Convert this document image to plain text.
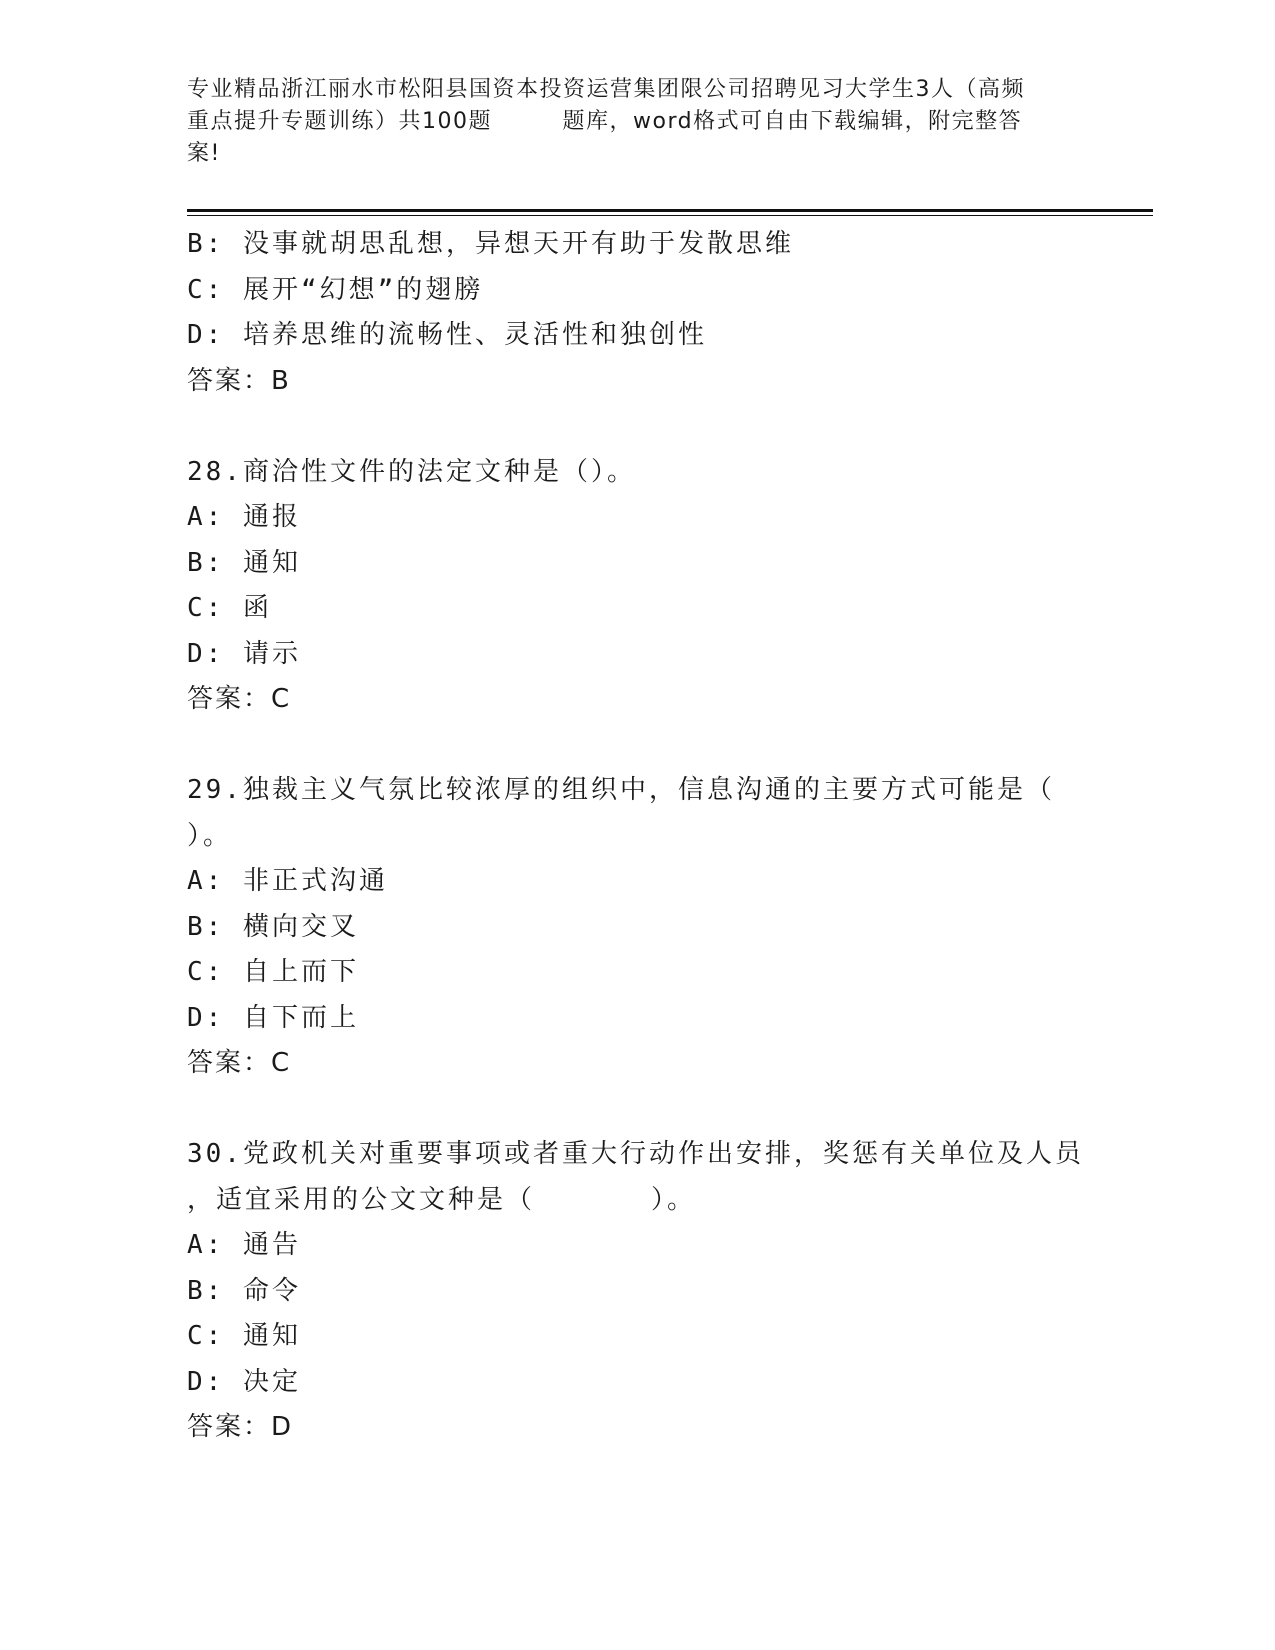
专业精品浙江丽水市松阳县国资本投资运营集团限公司招聘见习大学生3人（高频
重点提升专题训练）共100题　　　题库，word格式可自由下载编辑，附完整答
案!
B: 没事就胡思乱想，异想天开有助于发散思维
C: 展开“幻想”的翅膀
D: 培养思维的流畅性、灵活性和独创性
答案：B
28.商洽性文件的法定文种是（）。
A: 通报
B: 通知
C: 函
D: 请示
答案：C
29.独裁主义气氛比较浓厚的组织中，信息沟通的主要方式可能是（
）。
A: 非正式沟通
B: 横向交叉
C: 自上而下
D: 自下而上
答案：C
30.党政机关对重要事项或者重大行动作出安排，奖惩有关单位及人员
，适宜采用的公文文种是（　　　　）。
A: 通告
B: 命令
C: 通知
D: 决定
答案：D
